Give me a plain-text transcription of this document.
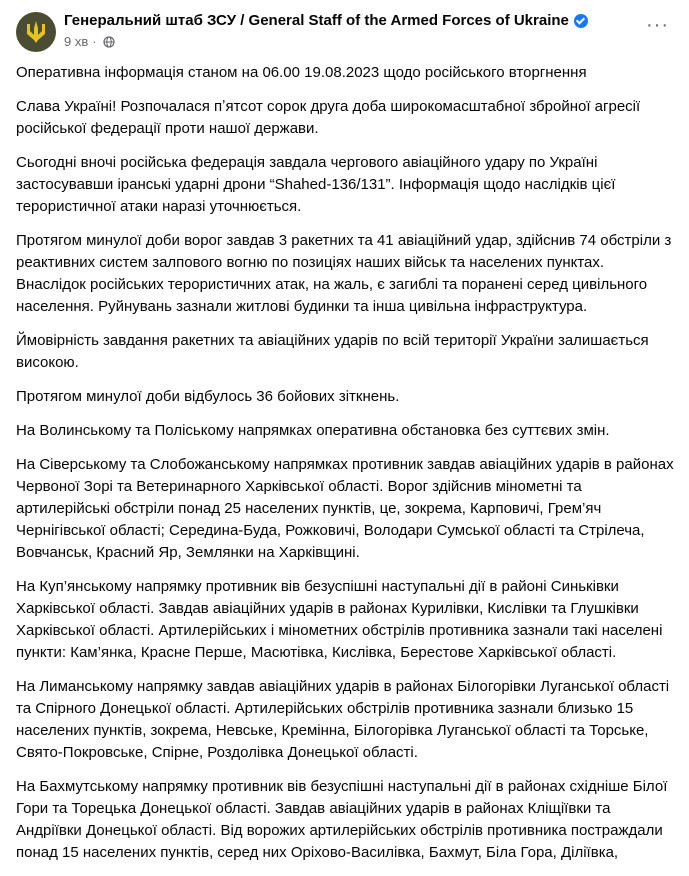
Генеральний штаб ЗСУ / General Staff of the Armed Forces of Ukraine
9 хв ·
···

Оперативна інформація станом на 06.00 19.08.2023 щодо російського вторгнення

Слава Україні! Розпочалася пʼятсот сорок друга доба широкомасштабної збройної агресії російської федерації проти нашої держави.

Сьогодні вночі російська федерація завдала чергового авіаційного удару по Україні застосувавши іранські ударні дрони “Shahed-136/131”. Інформація щодо наслідків цієї терористичної атаки наразі уточнюється.

Протягом минулої доби ворог завдав 3 ракетних та 41 авіаційний удар, здійснив 74 обстріли з реактивних систем залпового вогню по позиціях наших військ та населених пунктах. Внаслідок російських терористичних атак, на жаль, є загиблі та поранені серед цивільного населення. Руйнувань зазнали житлові будинки та інша цивільна інфраструктура.

Ймовірність завдання ракетних та авіаційних ударів по всій території України залишається високою.

Протягом минулої доби відбулось 36 бойових зіткнень.

На Волинському та Поліському напрямках оперативна обстановка без суттєвих змін.

На Сіверському та Слобожанському напрямках противник завдав авіаційних ударів в районах Червоної Зорі та Ветеринарного Харківської області. Ворог здійснив мінометні та артилерійські обстріли понад 25 населених пунктів, це, зокрема, Карповичі, Грем’яч Чернігівської області; Середина-Буда, Рожковичі, Володари Сумської області та Стрілеча, Вовчанськ, Красний Яр, Землянки на Харківщині.

На Куп’янському напрямку противник вів безуспішні наступальні дії в районі Синьківки Харківської області. Завдав авіаційних ударів в районах Курилівки, Кислівки та Глушківки Харківської області. Артилерійських і мінометних обстрілів противника зазнали такі населені пункти: Кам’янка, Красне Перше, Масютівка, Кислівка, Берестове Харківської області.

На Лиманському напрямку завдав авіаційних ударів в районах Білогорівки Луганської області та Спірного Донецької області. Артилерійських обстрілів противника зазнали близько 15 населених пунктів, зокрема, Невське, Кремінна, Білогорівка Луганської області та Торське, Свято-Покровське, Спірне, Роздолівка Донецької області.

На Бахмутському напрямку противник вів безуспішні наступальні дії в районах східніше Білої Гори та Торецька Донецької області. Завдав авіаційних ударів в районах Кліщіївки та Андріївки Донецької області. Від ворожих артилерійських обстрілів противника постраждали понад 15 населених пунктів, серед них Оріхово-Василівка, Бахмут, Біла Гора, Діліївка,
